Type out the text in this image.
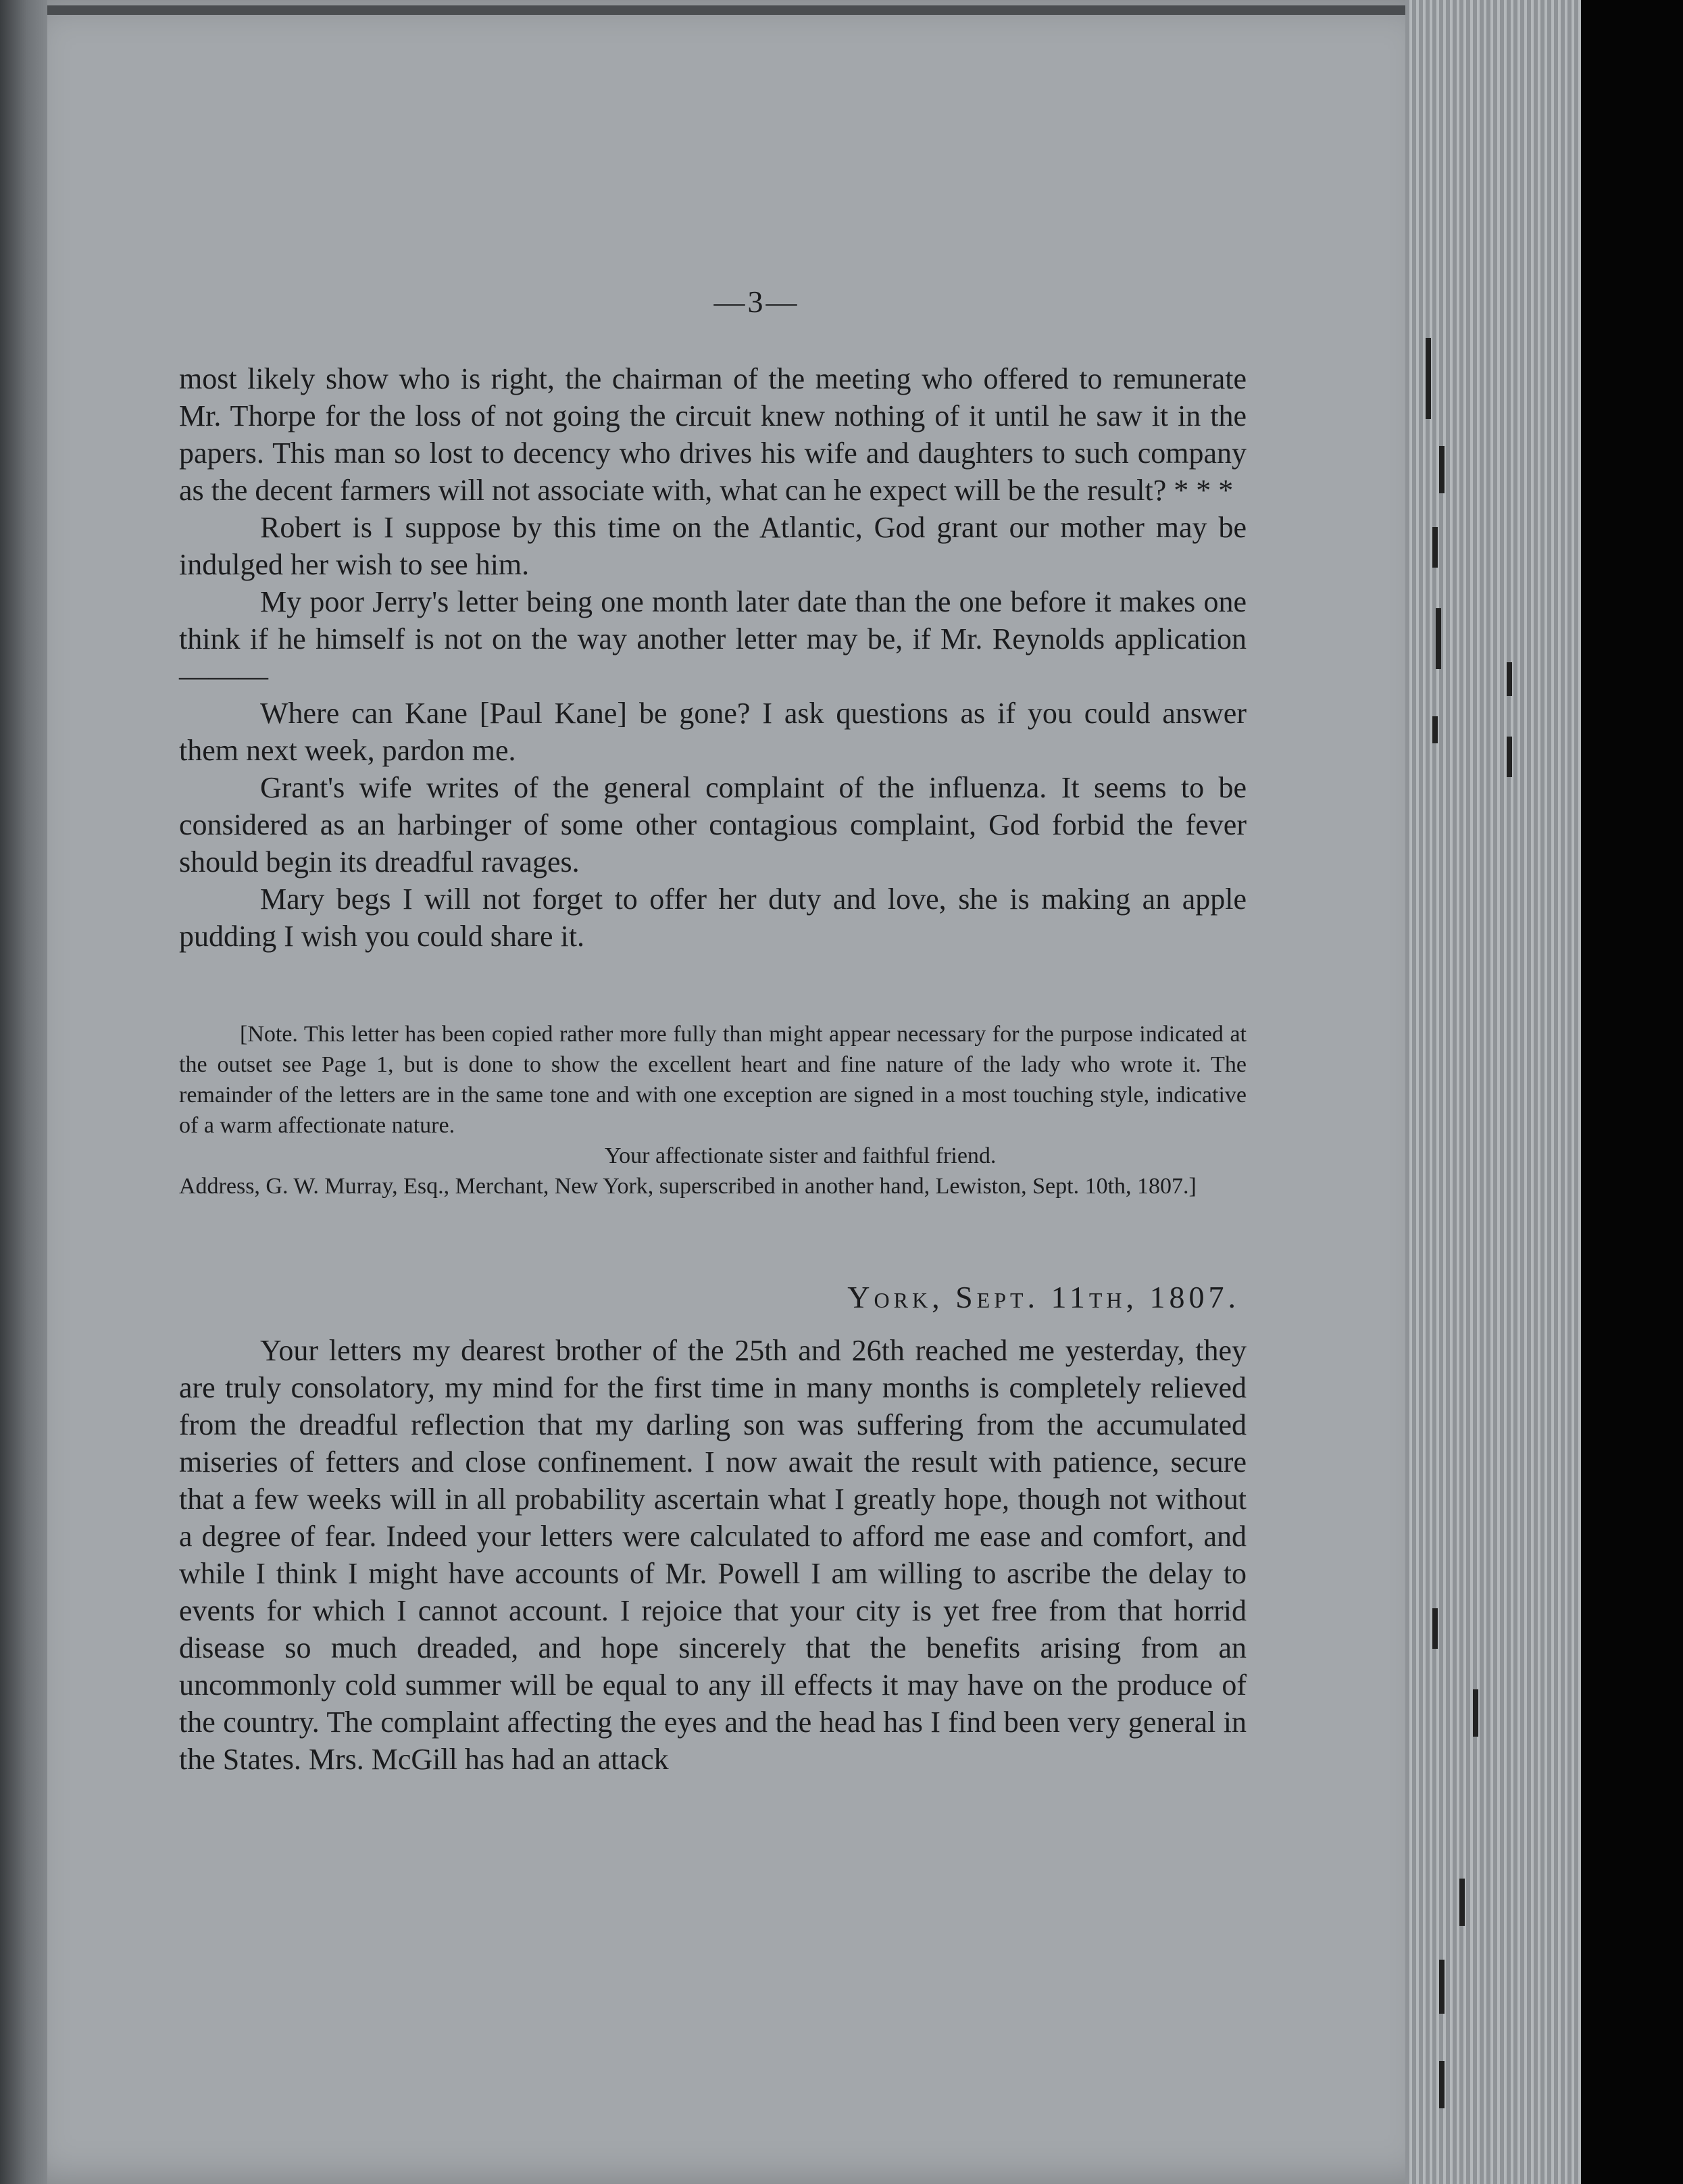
—3—

most likely show who is right, the chairman of the meeting who offered to remunerate Mr. Thorpe for the loss of not going the circuit knew nothing of it until he saw it in the papers. This man so lost to decency who drives his wife and daughters to such company as the decent farmers will not associate with, what can he expect will be the result? * * *

Robert is I suppose by this time on the Atlantic, God grant our mother may be indulged her wish to see him.

My poor Jerry's letter being one month later date than the one before it makes one think if he himself is not on the way another letter may be, if Mr. Reynolds application ———

Where can Kane [Paul Kane] be gone? I ask questions as if you could answer them next week, pardon me.

Grant's wife writes of the general complaint of the influenza. It seems to be considered as an harbinger of some other contagious complaint, God forbid the fever should begin its dreadful ravages.

Mary begs I will not forget to offer her duty and love, she is making an apple pudding I wish you could share it.

[Note. This letter has been copied rather more fully than might appear necessary for the purpose indicated at the outset see Page 1, but is done to show the excellent heart and fine nature of the lady who wrote it. The remainder of the letters are in the same tone and with one exception are signed in a most touching style, indicative of a warm affectionate nature.
Your affectionate sister and faithful friend.
Address, G. W. Murray, Esq., Merchant, New York, superscribed in another hand, Lewiston, Sept. 10th, 1807.]
York, Sept. 11th, 1807.

Your letters my dearest brother of the 25th and 26th reached me yesterday, they are truly consolatory, my mind for the first time in many months is completely relieved from the dreadful reflection that my darling son was suffering from the accumulated miseries of fetters and close confinement. I now await the result with patience, secure that a few weeks will in all probability ascertain what I greatly hope, though not without a degree of fear. Indeed your letters were calculated to afford me ease and comfort, and while I think I might have accounts of Mr. Powell I am willing to ascribe the delay to events for which I cannot account. I rejoice that your city is yet free from that horrid disease so much dreaded, and hope sincerely that the benefits arising from an uncommonly cold summer will be equal to any ill effects it may have on the produce of the country. The complaint affecting the eyes and the head has I find been very general in the States. Mrs. McGill has had an attack
